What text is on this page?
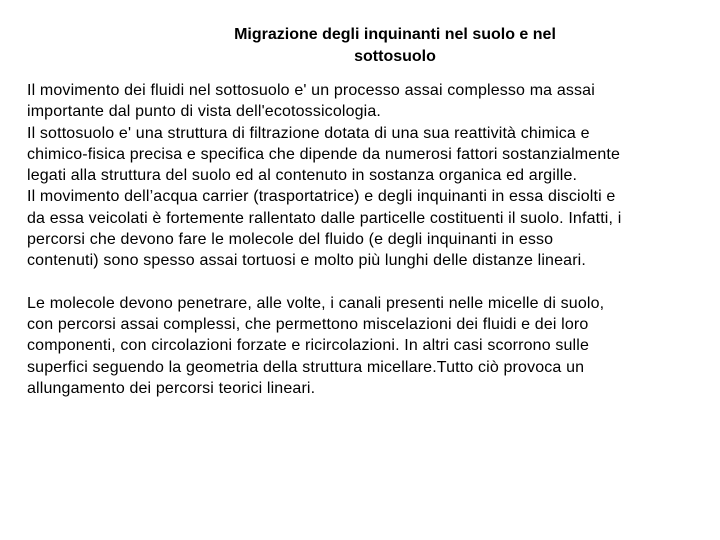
Migrazione degli inquinanti nel suolo e nel
sottosuolo

Il movimento dei fluidi nel sottosuolo e' un processo assai complesso ma assai
importante dal punto di vista dell'ecotossicologia.
Il sottosuolo e' una struttura di filtrazione dotata di una sua reattività chimica e
chimico-fisica precisa e specifica che dipende da numerosi fattori sostanzialmente
legati alla struttura del suolo ed al contenuto in sostanza organica ed argille.
Il movimento dell’acqua carrier (trasportatrice) e degli inquinanti in essa disciolti e
da essa veicolati è fortemente rallentato dalle particelle costituenti il suolo. Infatti, i
percorsi che devono fare le molecole del fluido (e degli inquinanti in esso
contenuti) sono spesso assai tortuosi e molto più lunghi delle distanze lineari.

Le molecole devono penetrare, alle volte, i canali presenti nelle micelle di suolo,
con percorsi assai complessi, che permettono miscelazioni dei fluidi e dei loro
componenti, con circolazioni forzate e ricircolazioni. In altri casi scorrono sulle
superfici seguendo la geometria della struttura micellare.Tutto ciò provoca un
allungamento dei percorsi teorici lineari.
